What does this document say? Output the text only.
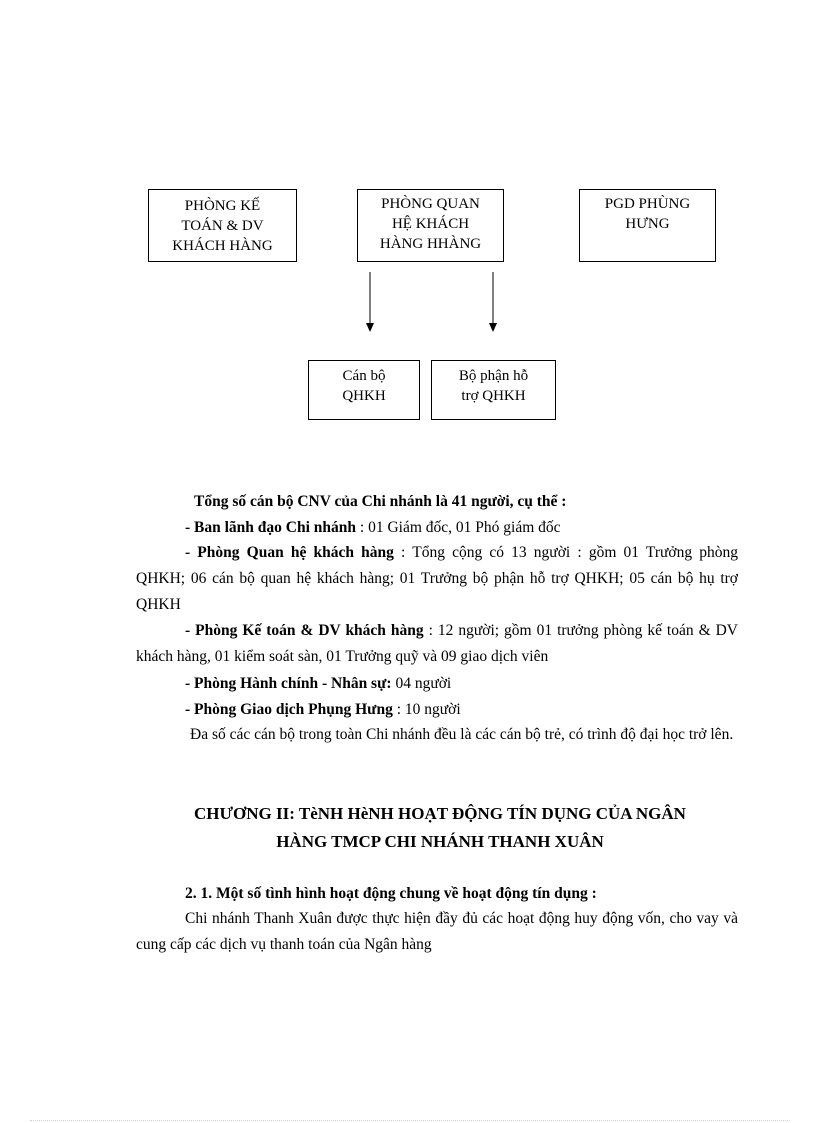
PHÒNG KẾ
TOÁN & DV
KHÁCH HÀNG
PHÒNG QUAN
HỆ KHÁCH
HÀNG HHÀNG
PGD PHÙNG
HƯNG
Cán bộ
QHKH
Bộ phận hỗ
trợ QHKH
Tổng số cán bộ CNV của Chi nhánh là 41 người, cụ thể :
- Ban lãnh đạo Chi nhánh : 01 Giám đốc, 01 Phó giám đốc
- Phòng Quan hệ khách hàng : Tổng cộng có 13 người : gồm 01 Trưởng phòng QHKH; 06 cán bộ quan hệ khách hàng; 01 Trưởng bộ phận hỗ trợ QHKH; 05 cán bộ hụ trợ QHKH
- Phòng Kế toán & DV khách hàng : 12 người; gồm 01 trưởng phòng kế toán & DV khách hàng, 01 kiểm soát sàn, 01 Trưởng quỹ và 09 giao dịch viên
- Phòng Hành chính - Nhân sự: 04 người
- Phòng Giao dịch Phụng Hưng : 10 người
Đa số các cán bộ trong toàn Chi nhánh đều là các cán bộ trẻ, có trình độ đại học trở lên.
CHƯƠNG II: TèNH HèNH HOẠT ĐỘNG TÍN DỤNG CỦA NGÂN
HÀNG TMCP CHI NHÁNH THANH XUÂN
2. 1. Một số tình hình hoạt động chung về hoạt động tín dụng :
Chi nhánh Thanh Xuân được thực hiện đầy đủ các hoạt động huy động vốn, cho vay và cung cấp các dịch vụ thanh toán của Ngân hàng
